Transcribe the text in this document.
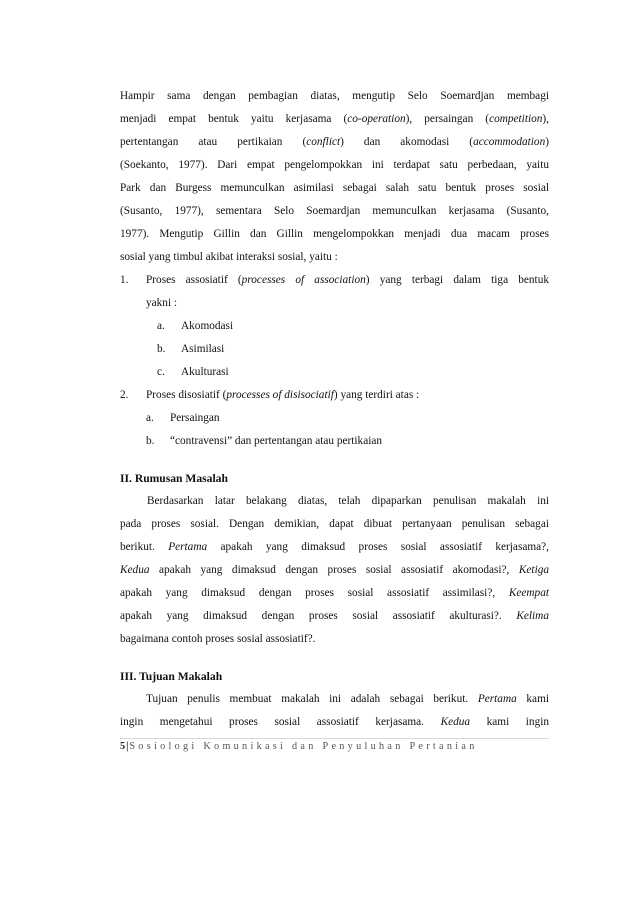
Hampir sama dengan pembagian diatas, mengutip Selo Soemardjan membagi
menjadi empat bentuk yaitu kerjasama (co-operation), persaingan (competition),
pertentangan atau pertikaian (conflict) dan akomodasi (accommodation)
(Soekanto, 1977). Dari empat pengelompokkan ini terdapat satu perbedaan, yaitu
Park dan Burgess memunculkan asimilasi sebagai salah satu bentuk proses sosial
(Susanto, 1977), sementara Selo Soemardjan memunculkan kerjasama (Susanto,
1977). Mengutip Gillin dan Gillin mengelompokkan menjadi dua macam proses
sosial yang timbul akibat interaksi sosial, yaitu :
1. Proses assosiatif (processes of association) yang terbagi dalam tiga bentuk
yakni :
a. Akomodasi
b. Asimilasi
c. Akulturasi
2. Proses disosiatif (processes of disisociatif) yang terdiri atas :
a. Persaingan
b. “contravensi” dan pertentangan atau pertikaian
II. Rumusan Masalah
Berdasarkan latar belakang diatas, telah dipaparkan penulisan makalah ini
pada proses sosial. Dengan demikian, dapat dibuat pertanyaan penulisan sebagai
berikut. Pertama apakah yang dimaksud proses sosial assosiatif kerjasama?,
Kedua apakah yang dimaksud dengan proses sosial assosiatif akomodasi?, Ketiga
apakah yang dimaksud dengan proses sosial assosiatif assimilasi?, Keempat
apakah yang dimaksud dengan proses sosial assosiatif akulturasi?. Kelima
bagaimana contoh proses sosial assosiatif?.
III. Tujuan Makalah
Tujuan penulis membuat makalah ini adalah sebagai berikut. Pertama kami
ingin mengetahui proses sosial assosiatif kerjasama. Kedua kami ingin
5|Sosiologi Komunikasi dan Penyuluhan Pertanian
